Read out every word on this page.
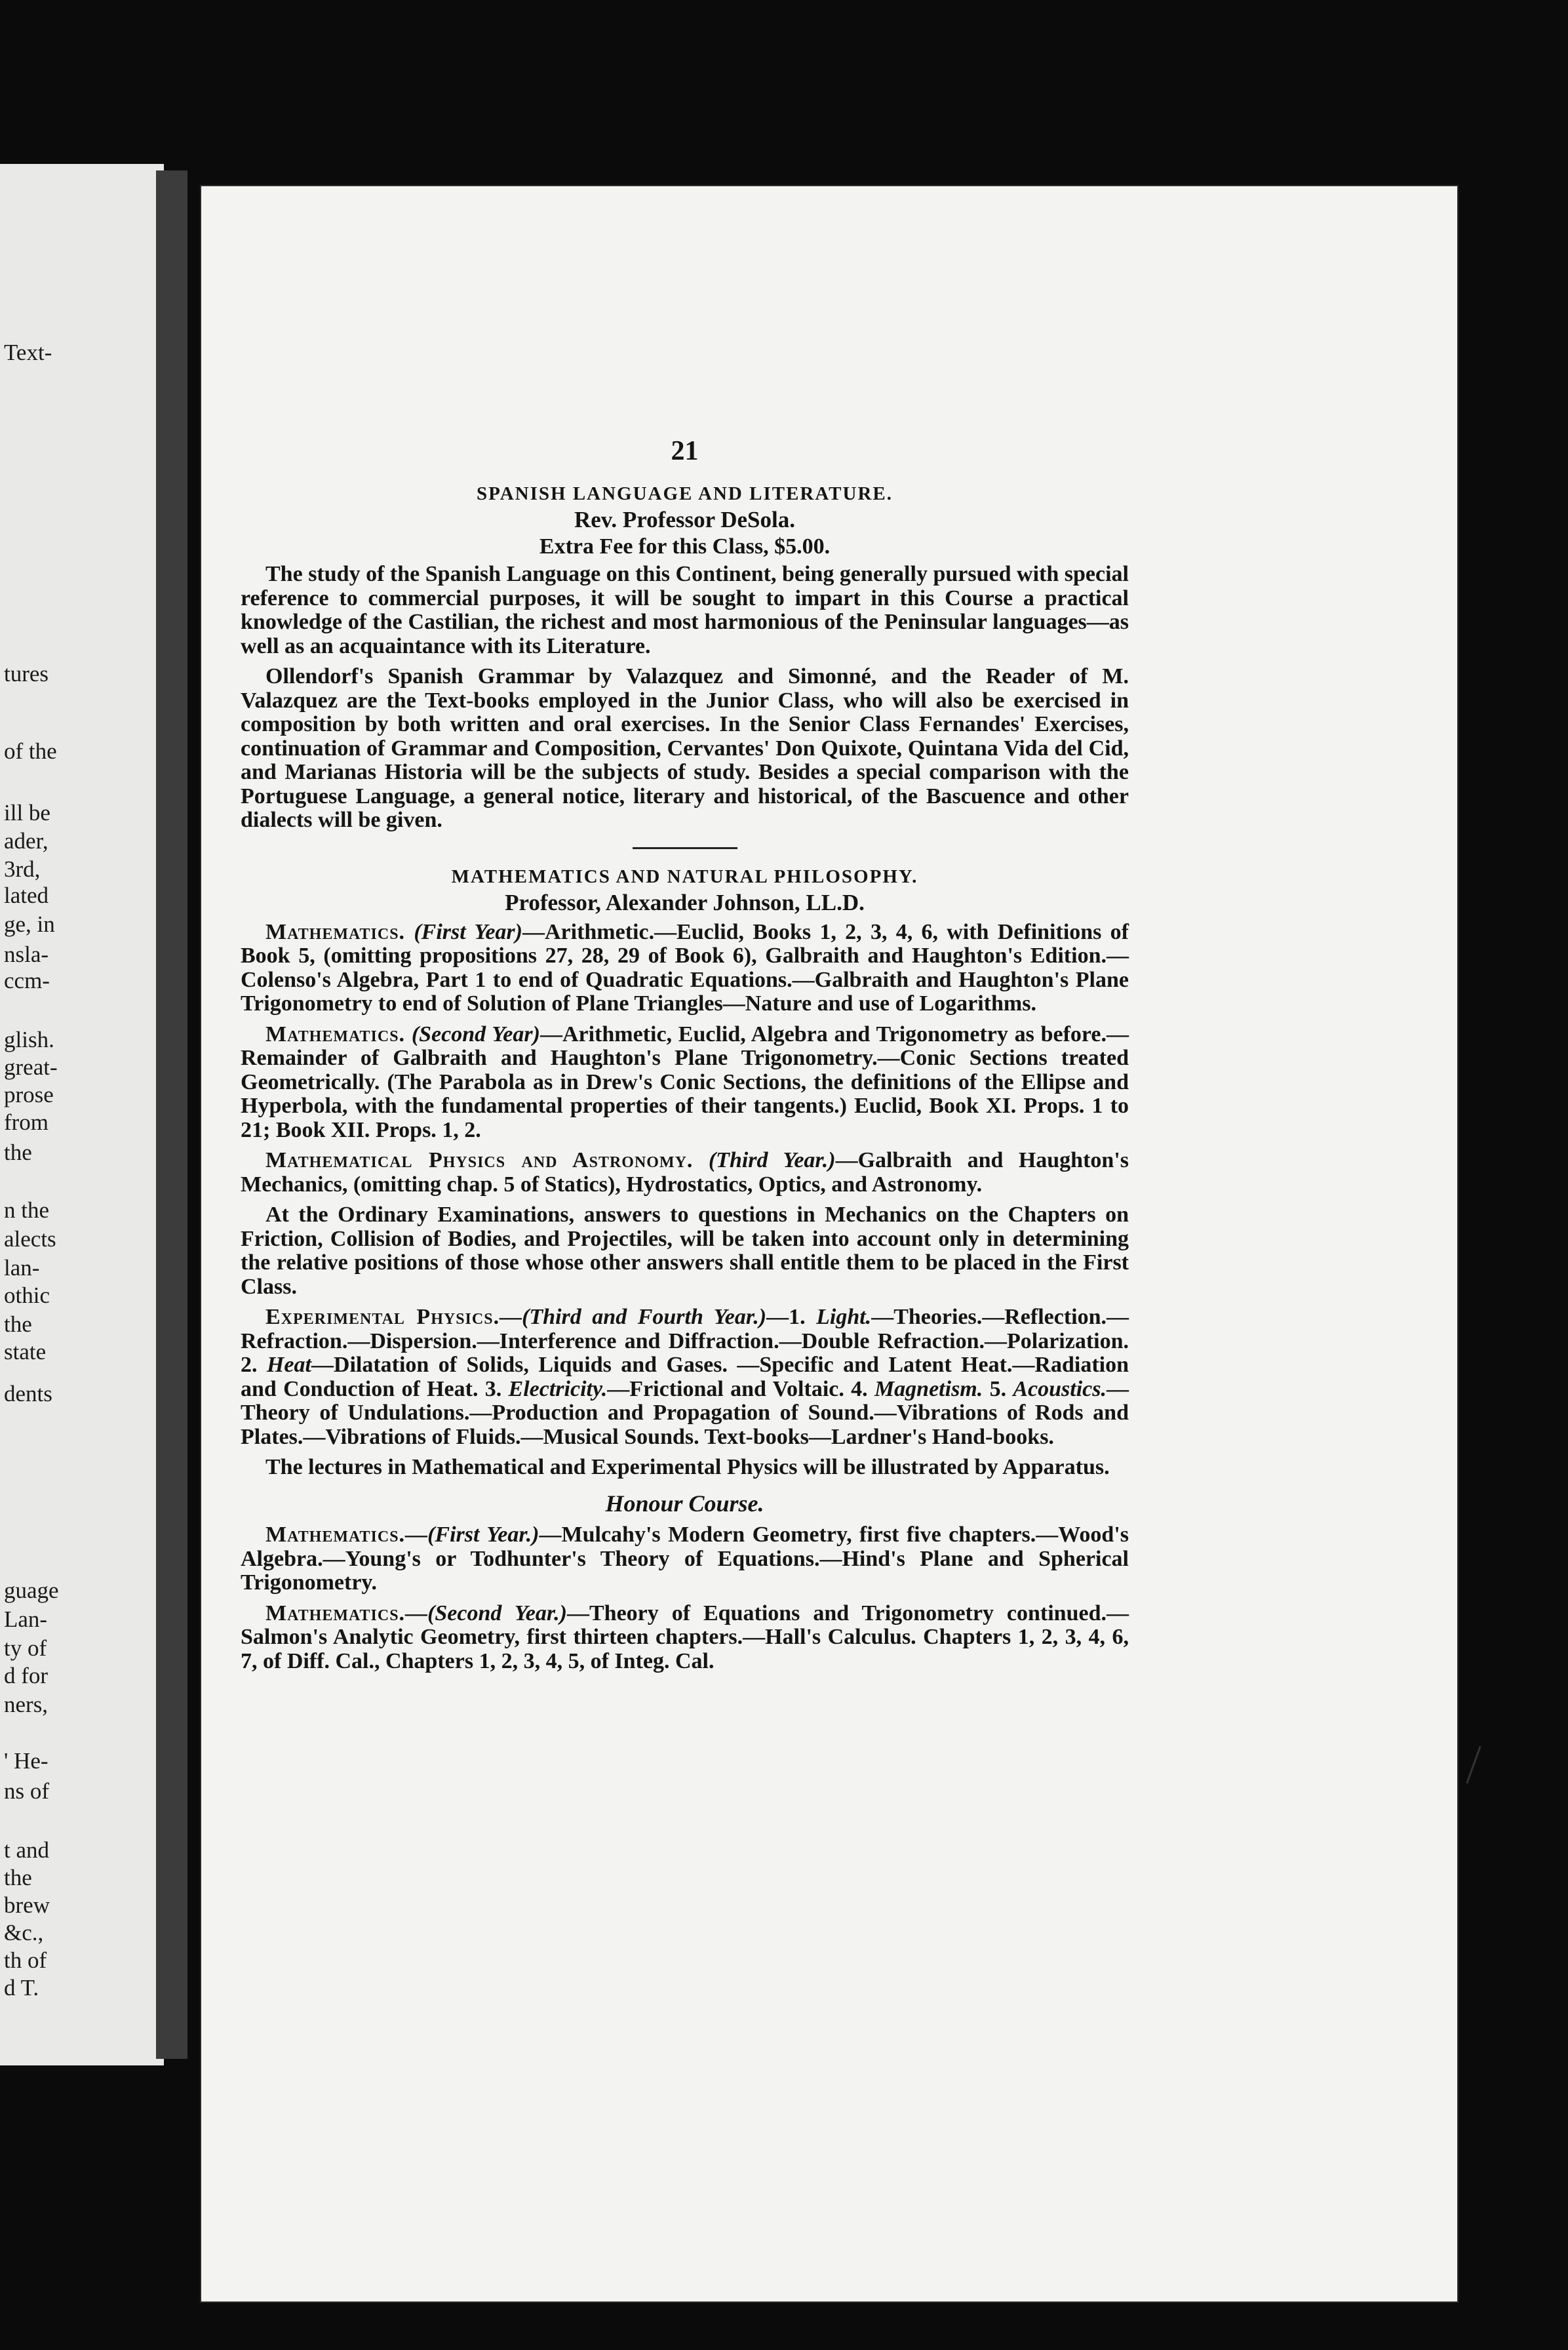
Text-
tures
of the
ill be
ader,
3rd,
lated
ge, in
nsla-
ccm-
glish.
great-
prose
from
the
n the
alects
lan-
othic
the
state
dents
guage
Lan-
ty of
d for
ners,
' He-
ns of
t and
the
brew
&c.,
th of
d T.
21
SPANISH LANGUAGE AND LITERATURE.
Rev. Professor DeSola.
Extra Fee for this Class, $5.00.

The study of the Spanish Language on this Continent, being generally pursued with special reference to commercial purposes, it will be sought to impart in this Course a practical knowledge of the Castilian, the richest and most harmonious of the Peninsular languages—as well as an acquaintance with its Literature.

Ollendorf's Spanish Grammar by Valazquez and Simonné, and the Reader of M. Valazquez are the Text-books employed in the Junior Class, who will also be exercised in composition by both written and oral exercises. In the Senior Class Fernandes' Exercises, continuation of Grammar and Composition, Cervantes' Don Quixote, Quintana Vida del Cid, and Marianas Historia will be the subjects of study. Besides a special comparison with the Portuguese Language, a general notice, literary and historical, of the Bascuence and other dialects will be given.

MATHEMATICS AND NATURAL PHILOSOPHY.
Professor, Alexander Johnson, LL.D.

Mathematics. (First Year)—Arithmetic.—Euclid, Books 1, 2, 3, 4, 6, with Definitions of Book 5, (omitting propositions 27, 28, 29 of Book 6), Galbraith and Haughton's Edition.—Colenso's Algebra, Part 1 to end of Quadratic Equations.—Galbraith and Haughton's Plane Trigonometry to end of Solution of Plane Triangles—Nature and use of Logarithms.

Mathematics. (Second Year)—Arithmetic, Euclid, Algebra and Trigonometry as before.—Remainder of Galbraith and Haughton's Plane Trigonometry.—Conic Sections treated Geometrically. (The Parabola as in Drew's Conic Sections, the definitions of the Ellipse and Hyperbola, with the fundamental properties of their tangents.) Euclid, Book XI. Props. 1 to 21; Book XII. Props. 1, 2.

Mathematical Physics and Astronomy. (Third Year.)—Galbraith and Haughton's Mechanics, (omitting chap. 5 of Statics), Hydrostatics, Optics, and Astronomy.

At the Ordinary Examinations, answers to questions in Mechanics on the Chapters on Friction, Collision of Bodies, and Projectiles, will be taken into account only in determining the relative positions of those whose other answers shall entitle them to be placed in the First Class.

Experimental Physics.—(Third and Fourth Year.)—1. Light.—Theories.—Reflection.—Refraction.—Dispersion.—Interference and Diffraction.—Double Refraction.—Polarization. 2. Heat—Dilatation of Solids, Liquids and Gases. —Specific and Latent Heat.—Radiation and Conduction of Heat. 3. Electricity.—Frictional and Voltaic. 4. Magnetism. 5. Acoustics.—Theory of Undulations.—Production and Propagation of Sound.—Vibrations of Rods and Plates.—Vibrations of Fluids.—Musical Sounds. Text-books—Lardner's Hand-books.

The lectures in Mathematical and Experimental Physics will be illustrated by Apparatus.

Honour Course.

Mathematics.—(First Year.)—Mulcahy's Modern Geometry, first five chapters.—Wood's Algebra.—Young's or Todhunter's Theory of Equations.—Hind's Plane and Spherical Trigonometry.

Mathematics.—(Second Year.)—Theory of Equations and Trigonometry continued.—Salmon's Analytic Geometry, first thirteen chapters.—Hall's Calculus. Chapters 1, 2, 3, 4, 6, 7, of Diff. Cal., Chapters 1, 2, 3, 4, 5, of Integ. Cal.
